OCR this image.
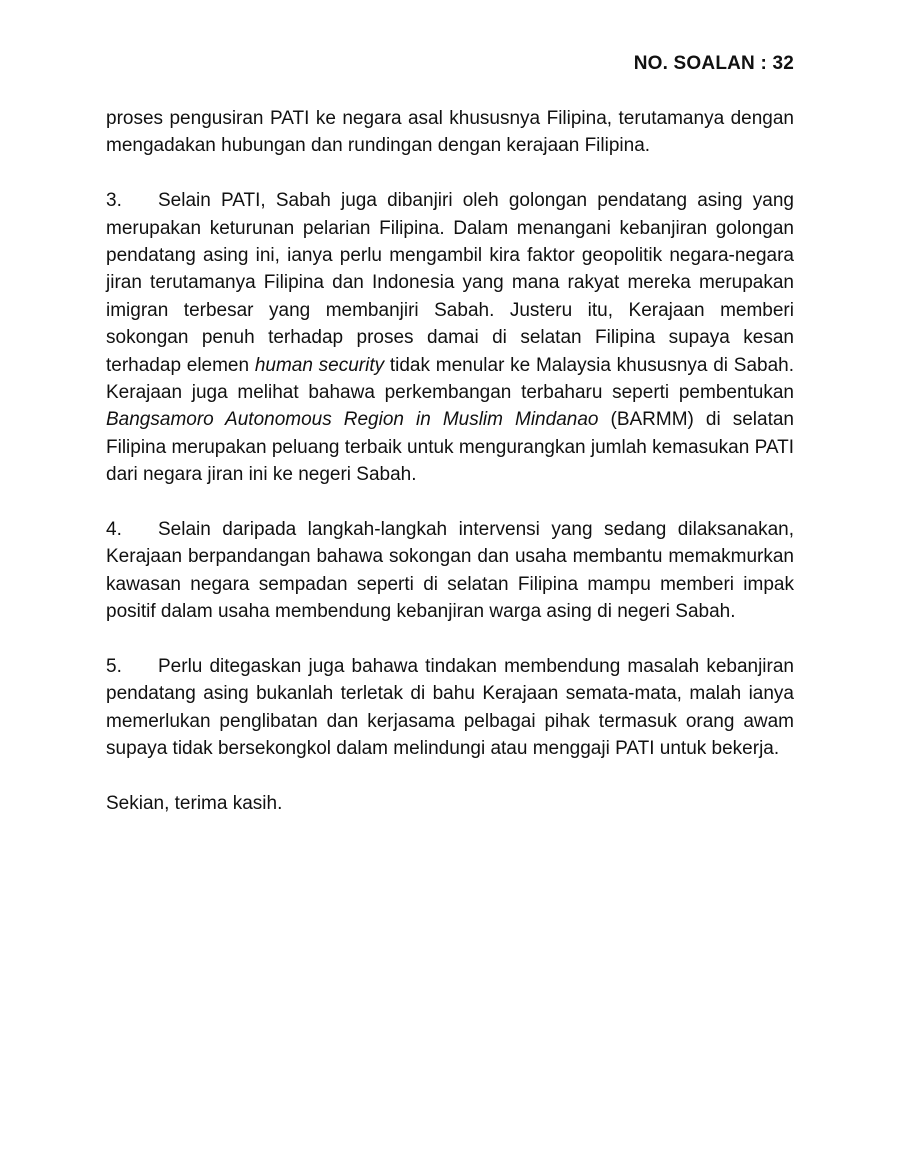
NO. SOALAN : 32

proses pengusiran PATI ke negara asal khususnya Filipina, terutamanya dengan mengadakan hubungan dan rundingan dengan kerajaan Filipina.

3. Selain PATI, Sabah juga dibanjiri oleh golongan pendatang asing yang merupakan keturunan pelarian Filipina. Dalam menangani kebanjiran golongan pendatang asing ini, ianya perlu mengambil kira faktor geopolitik negara-negara jiran terutamanya Filipina dan Indonesia yang mana rakyat mereka merupakan imigran terbesar yang membanjiri Sabah. Justeru itu, Kerajaan memberi sokongan penuh terhadap proses damai di selatan Filipina supaya kesan terhadap elemen human security tidak menular ke Malaysia khususnya di Sabah. Kerajaan juga melihat bahawa perkembangan terbaharu seperti pembentukan Bangsamoro Autonomous Region in Muslim Mindanao (BARMM) di selatan Filipina merupakan peluang terbaik untuk mengurangkan jumlah kemasukan PATI dari negara jiran ini ke negeri Sabah.

4. Selain daripada langkah-langkah intervensi yang sedang dilaksanakan, Kerajaan berpandangan bahawa sokongan dan usaha membantu memakmurkan kawasan negara sempadan seperti di selatan Filipina mampu memberi impak positif dalam usaha membendung kebanjiran warga asing di negeri Sabah.

5. Perlu ditegaskan juga bahawa tindakan membendung masalah kebanjiran pendatang asing bukanlah terletak di bahu Kerajaan semata-mata, malah ianya memerlukan penglibatan dan kerjasama pelbagai pihak termasuk orang awam supaya tidak bersekongkol dalam melindungi atau menggaji PATI untuk bekerja.

Sekian, terima kasih.
